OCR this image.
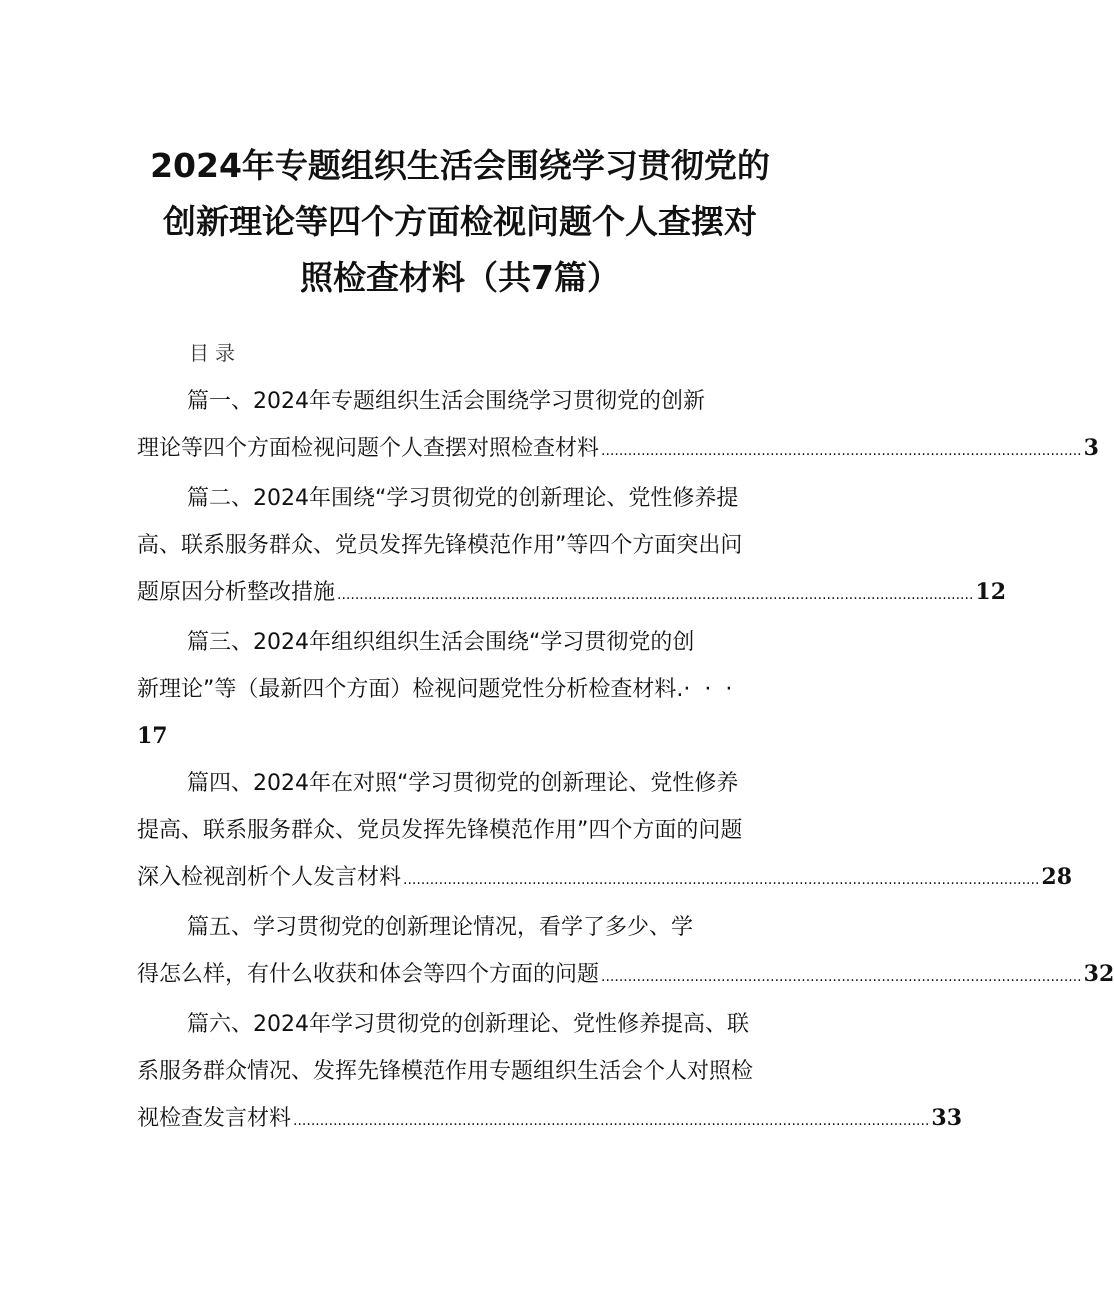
2024年专题组织生活会围绕学习贯彻党的
创新理论等四个方面检视问题个人查摆对
照检查材料（共7篇）
目录
篇一、2024年专题组织生活会围绕学习贯彻党的创新
理论等四个方面检视问题个人查摆对照检查材料 ............................................................................................................ 3
篇二、2024年围绕“学习贯彻党的创新理论、党性修养提
高、联系服务群众、党员发挥先锋模范作用”等四个方面突出问
题原因分析整改措施 ............................................................................................................................................... 12
篇三、2024年组织组织生活会围绕“学习贯彻党的创
新理论”等（最新四个方面）检视问题党性分析检查材料.···
17
篇四、2024年在对照“学习贯彻党的创新理论、党性修养
提高、联系服务群众、党员发挥先锋模范作用”四个方面的问题
深入检视剖析个人发言材料 ............................................................................................................................................... 28
篇五、学习贯彻党的创新理论情况，看学了多少、学
得怎么样，有什么收获和体会等四个方面的问题 ............................................................................................................ 32
篇六、2024年学习贯彻党的创新理论、党性修养提高、联
系服务群众情况、发挥先锋模范作用专题组织生活会个人对照检
视检查发言材料 ............................................................................................................................................... 33
